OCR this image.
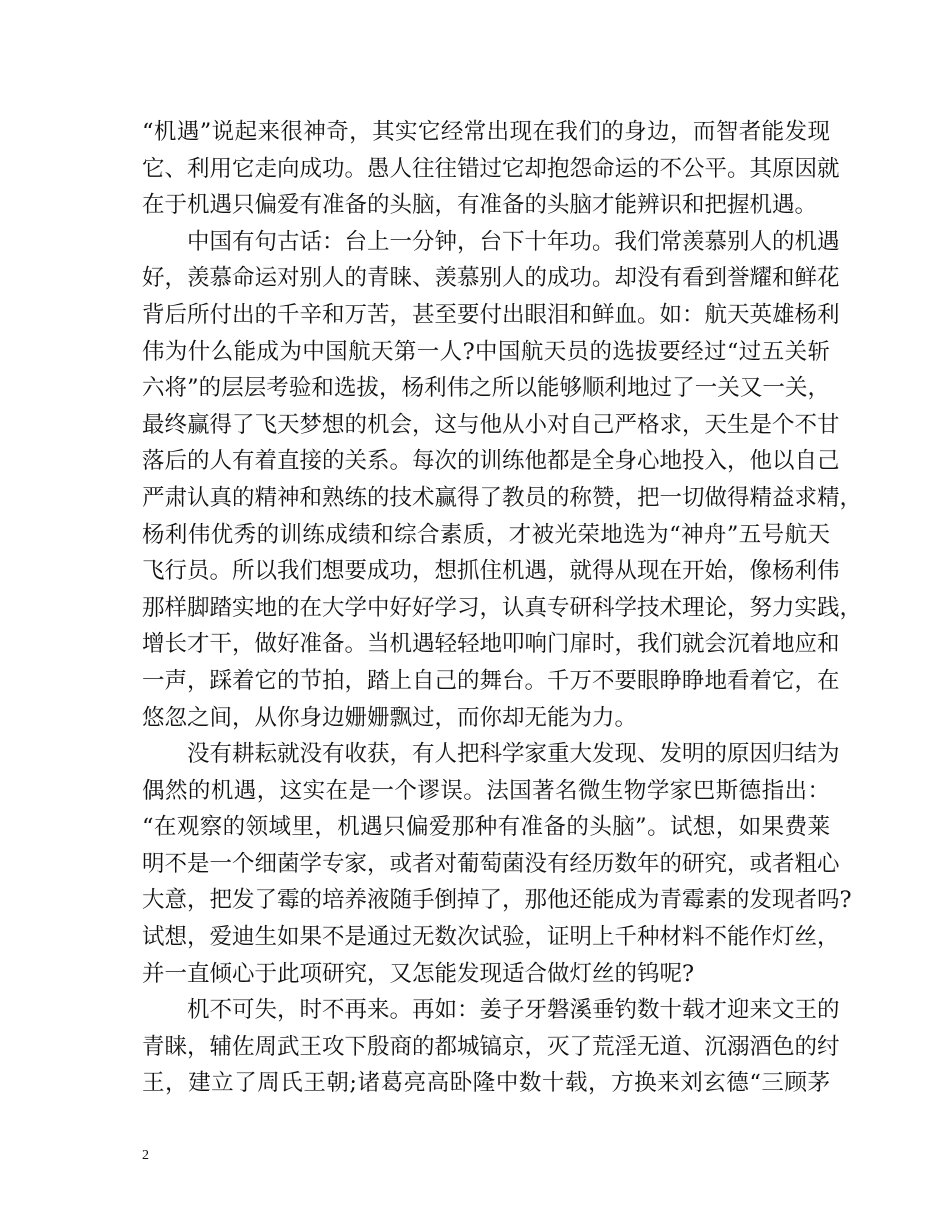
“机遇”说起来很神奇，其实它经常出现在我们的身边，而智者能发现
它、利用它走向成功。愚人往往错过它却抱怨命运的不公平。其原因就
在于机遇只偏爱有准备的头脑，有准备的头脑才能辨识和把握机遇。

中国有句古话：台上一分钟，台下十年功。我们常羡慕别人的机遇
好，羡慕命运对别人的青睐、羡慕别人的成功。却没有看到誉耀和鲜花
背后所付出的千辛和万苦，甚至要付出眼泪和鲜血。如：航天英雄杨利
伟为什么能成为中国航天第一人?中国航天员的选拔要经过“过五关斩
六将”的层层考验和选拔，杨利伟之所以能够顺利地过了一关又一关，
最终赢得了飞天梦想的机会，这与他从小对自己严格求，天生是个不甘
落后的人有着直接的关系。每次的训练他都是全身心地投入，他以自己
严肃认真的精神和熟练的技术赢得了教员的称赞，把一切做得精益求精，
杨利伟优秀的训练成绩和综合素质，才被光荣地选为“神舟”五号航天
飞行员。所以我们想要成功，想抓住机遇，就得从现在开始，像杨利伟
那样脚踏实地的在大学中好好学习，认真专研科学技术理论，努力实践，
增长才干，做好准备。当机遇轻轻地叩响门扉时，我们就会沉着地应和
一声，踩着它的节拍，踏上自己的舞台。千万不要眼睁睁地看着它，在
悠忽之间，从你身边姗姗飘过，而你却无能为力。

没有耕耘就没有收获，有人把科学家重大发现、发明的原因归结为
偶然的机遇，这实在是一个谬误。法国著名微生物学家巴斯德指出：
“在观察的领域里，机遇只偏爱那种有准备的头脑”。试想，如果费莱
明不是一个细菌学专家，或者对葡萄菌没有经历数年的研究，或者粗心
大意，把发了霉的培养液随手倒掉了，那他还能成为青霉素的发现者吗?
试想，爱迪生如果不是通过无数次试验，证明上千种材料不能作灯丝，
并一直倾心于此项研究，又怎能发现适合做灯丝的钨呢?

机不可失，时不再来。再如：姜子牙磐溪垂钓数十载才迎来文王的
青睐，辅佐周武王攻下殷商的都城镐京，灭了荒淫无道、沉溺酒色的纣
王，建立了周氏王朝;诸葛亮高卧隆中数十载，方换来刘玄德“三顾茅

2
